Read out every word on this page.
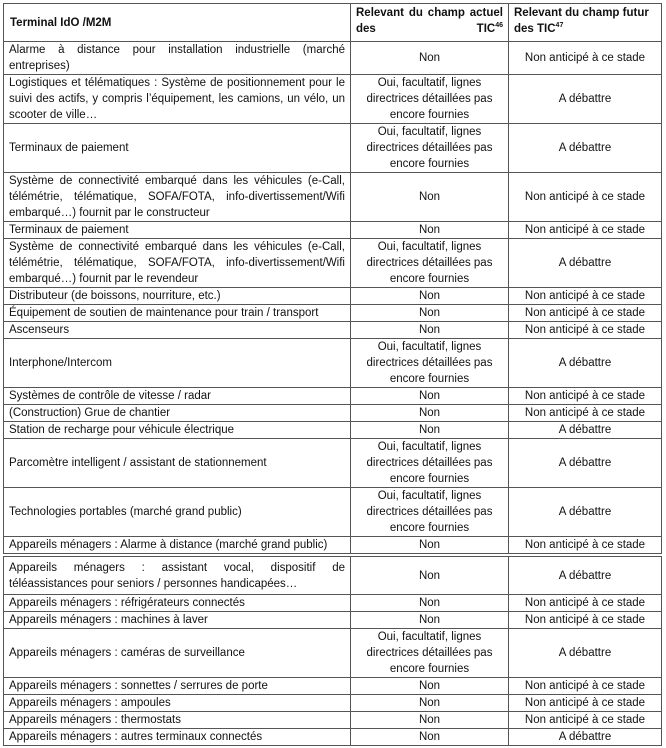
Terminal IdO /M2M	Relevant du champ actuel des TIC$^{46}$	Relevant du champ futur des TIC$^{47}$
Alarme à distance pour installation industrielle (marché entreprises)	Non	Non anticipé à ce stade
Logistiques et télématiques : Système de positionnement pour le suivi des actifs, y compris l’équipement, les camions, un vélo, un scooter de ville…	Oui, facultatif, lignes directrices détaillées pas encore fournies	A débattre
Terminaux de paiement	Oui, facultatif, lignes directrices détaillées pas encore fournies	A débattre
Système de connectivité embarqué dans les véhicules (e-Call, télémétrie, télématique, SOFA/FOTA, info-divertissement/Wifi embarqué…) fournit par le constructeur	Non	Non anticipé à ce stade
Terminaux de paiement	Non	Non anticipé à ce stade
Système de connectivité embarqué dans les véhicules (e-Call, télémétrie, télématique, SOFA/FOTA, info-divertissement/Wifi embarqué…) fournit par le revendeur	Oui, facultatif, lignes directrices détaillées pas encore fournies	A débattre
Distributeur (de boissons, nourriture, etc.)	Non	Non anticipé à ce stade
Équipement de soutien de maintenance pour train / transport	Non	Non anticipé à ce stade
Ascenseurs	Non	Non anticipé à ce stade
Interphone/Intercom	Oui, facultatif, lignes directrices détaillées pas encore fournies	A débattre
Systèmes de contrôle de vitesse / radar	Non	Non anticipé à ce stade
(Construction) Grue de chantier	Non	Non anticipé à ce stade
Station de recharge pour véhicule électrique	Non	A débattre
Parcomètre intelligent / assistant de stationnement	Oui, facultatif, lignes directrices détaillées pas encore fournies	A débattre
Technologies portables (marché grand public)	Oui, facultatif, lignes directrices détaillées pas encore fournies	A débattre
Appareils ménagers : Alarme à distance (marché grand public)	Non	Non anticipé à ce stade

Appareils ménagers : assistant vocal, dispositif de téléassistances pour seniors / personnes handicapées…	Non	A débattre
Appareils ménagers : réfrigérateurs connectés	Non	Non anticipé à ce stade
Appareils ménagers : machines à laver	Non	Non anticipé à ce stade
Appareils ménagers : caméras de surveillance	Oui, facultatif, lignes directrices détaillées pas encore fournies	A débattre
Appareils ménagers : sonnettes / serrures de porte	Non	Non anticipé à ce stade
Appareils ménagers : ampoules	Non	Non anticipé à ce stade
Appareils ménagers : thermostats	Non	Non anticipé à ce stade
Appareils ménagers : autres terminaux connectés	Non	A débattre
